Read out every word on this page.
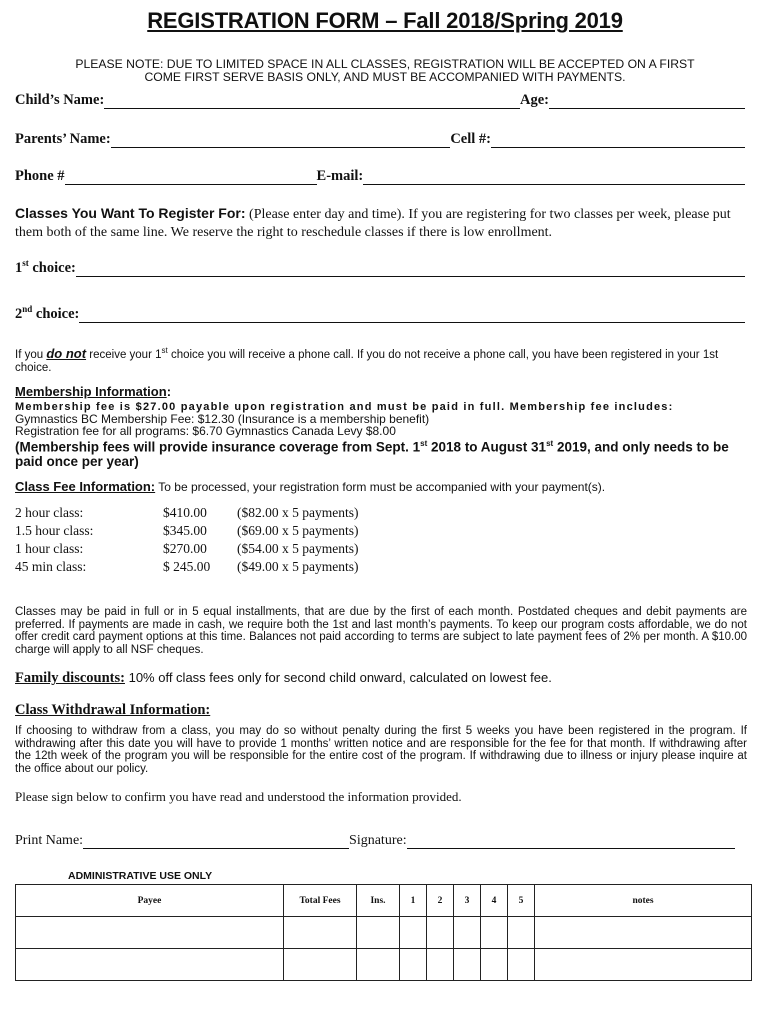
REGISTRATION FORM – Fall 2018/Spring 2019
PLEASE NOTE: DUE TO LIMITED SPACE IN ALL CLASSES, REGISTRATION WILL BE ACCEPTED ON A FIRST
COME FIRST SERVE BASIS ONLY, AND MUST BE ACCOMPANIED WITH PAYMENTS.
Child’s Name:	Age:
Parents’ Name:	Cell #:
Phone #	E-mail:
Classes You Want To Register For: (Please enter day and time). If you are registering for two classes per week, please put them both of the same line. We reserve the right to reschedule classes if there is low enrollment.
1st choice:
2nd choice:
If you do not receive your 1st choice you will receive a phone call. If you do not receive a phone call, you have been registered in your 1st choice.
Membership Information:
Membership fee is $27.00 payable upon registration and must be paid in full. Membership fee includes:
Gymnastics BC Membership Fee: $12.30 (Insurance is a membership benefit)
Registration fee for all programs: $6.70 Gymnastics Canada Levy $8.00
(Membership fees will provide insurance coverage from Sept. 1st 2018 to August 31st 2019, and only needs to be paid once per year)
Class Fee Information: To be processed, your registration form must be accompanied with your payment(s).
2 hour class:	$410.00	($82.00 x 5 payments)
1.5 hour class:	$345.00	($69.00 x 5 payments)
1 hour class:	$270.00	($54.00 x 5 payments)
45 min class:	$ 245.00	($49.00 x 5 payments)
Classes may be paid in full or in 5 equal installments, that are due by the first of each month. Postdated cheques and debit payments are preferred. If payments are made in cash, we require both the 1st and last month’s payments. To keep our program costs affordable, we do not offer credit card payment options at this time. Balances not paid according to terms are subject to late payment fees of 2% per month. A $10.00 charge will apply to all NSF cheques.
Family discounts: 10% off class fees only for second child onward, calculated on lowest fee.
Class Withdrawal Information:
If choosing to withdraw from a class, you may do so without penalty during the first 5 weeks you have been registered in the program. If withdrawing after this date you will have to provide 1 months’ written notice and are responsible for the fee for that month. If withdrawing after the 12th week of the program you will be responsible for the entire cost of the program. If withdrawing due to illness or injury please inquire at the office about our policy.
Please sign below to confirm you have read and understood the information provided.
Print Name:	Signature:
ADMINISTRATIVE USE ONLY
Payee	Total Fees	Ins.	1	2	3	4	5	notes
